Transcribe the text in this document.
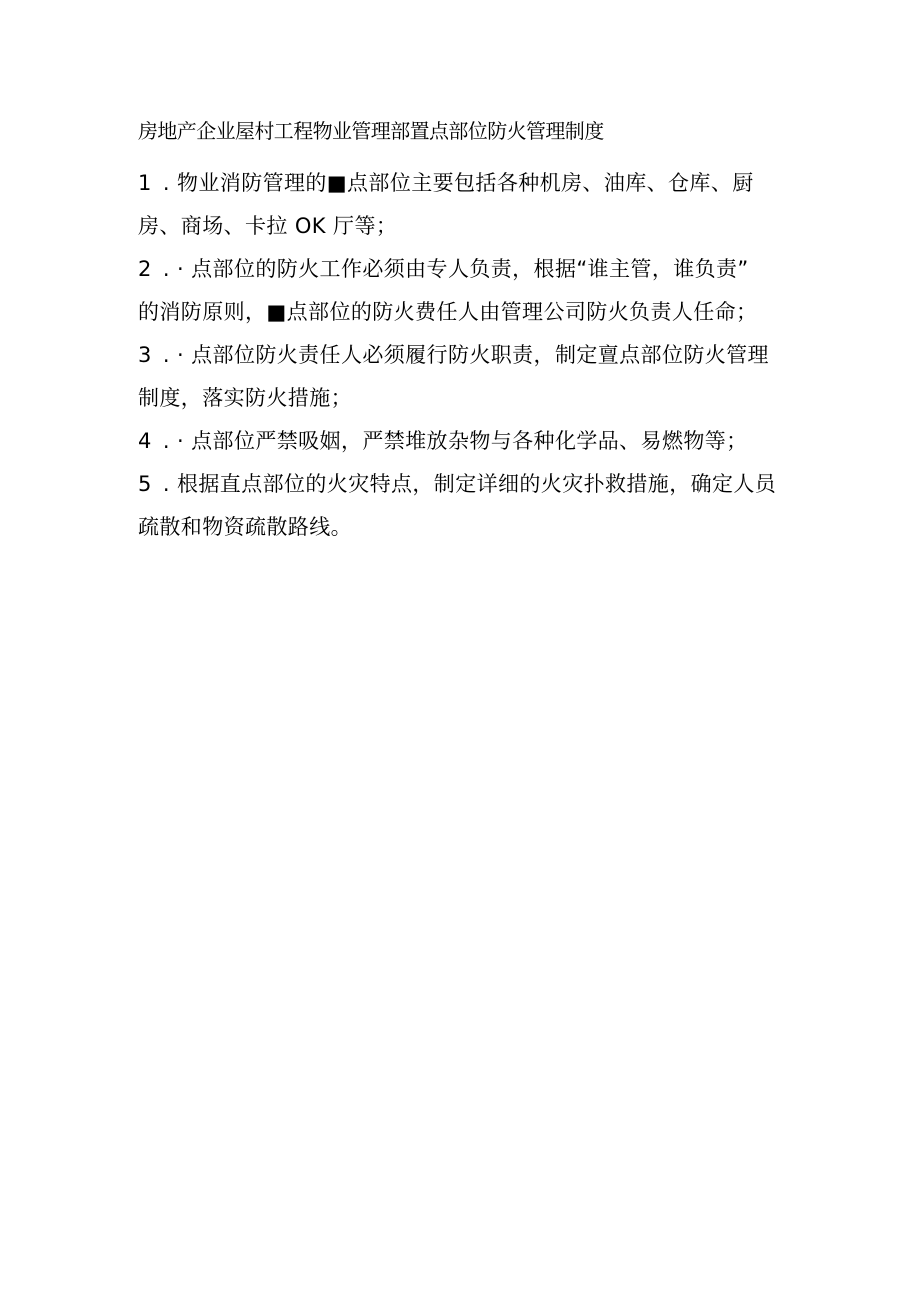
房地产企业屋村工程物业管理部置点部位防火管理制度
1 . 物业消防管理的■点部位主要包括各种机房、油库、仓库、厨
房、商场、卡拉 OK 厅等；
2 . · 点部位的防火工作必须由专人负责，根据“谁主管，谁负责”
的消防原则，■点部位的防火费任人由管理公司防火负责人任命；
3 . · 点部位防火责任人必须履行防火职责，制定亶点部位防火管理
制度，落实防火措施；
4 . · 点部位严禁吸姻，严禁堆放杂物与各种化学品、易燃物等；
5 . 根据直点部位的火灾特点，制定详细的火灾扑救措施，确定人员
疏散和物资疏散路线。
